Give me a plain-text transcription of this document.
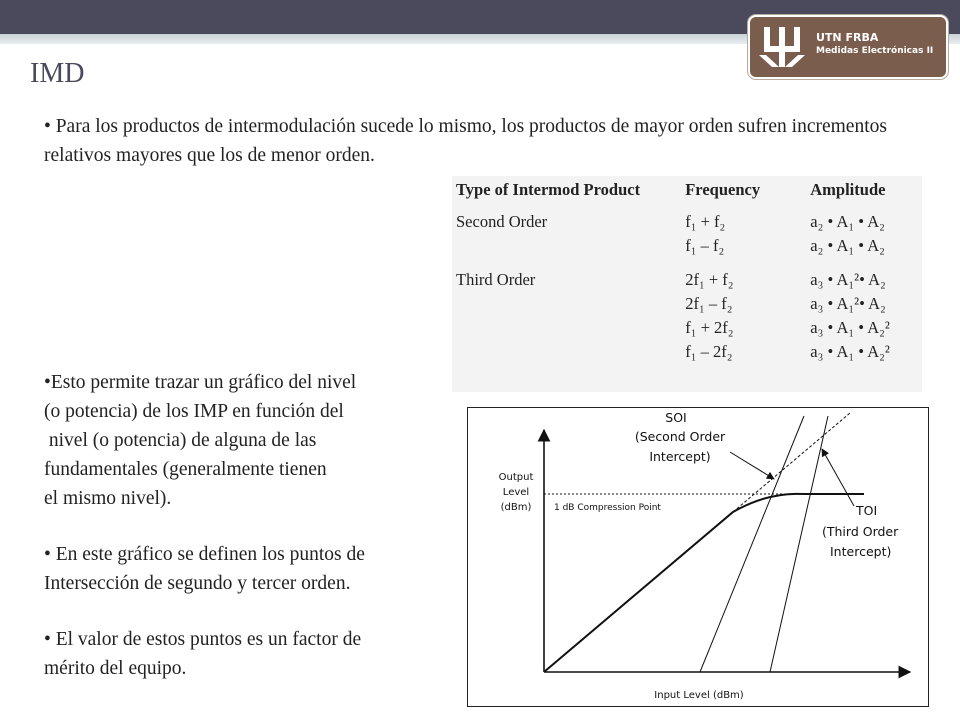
UTN FRBA
Medidas Electrónicas II
IMD

• Para los productos de intermodulación sucede lo mismo, los productos de mayor orden sufren incrementos relativos mayores que los de menor orden.

Type of Intermod Product	Frequency	Amplitude
Second Order	f₁ + f₂	a₂ • A₁ • A₂
	f₁ – f₂	a₂ • A₁ • A₂
Third Order	2f₁ + f₂	a₃ • A₁²• A₂
	2f₁ – f₂	a₃ • A₁²• A₂
	f₁ + 2f₂	a₃ • A₁ • A₂²
	f₁ – 2f₂	a₃ • A₁ • A₂²

•Esto permite trazar un gráfico del nivel
(o potencia) de los IMP en función del
nivel (o potencia) de alguna de las
fundamentales (generalmente tienen
el mismo nivel).

• En este gráfico se definen los puntos de
Intersección de segundo y tercer orden.

• El valor de estos puntos es un factor de
mérito del equipo.

Output
Level
(dBm)
Input Level (dBm)
1 dB Compression Point
SOI
(Second Order
Intercept)
TOI
(Third Order
Intercept)
